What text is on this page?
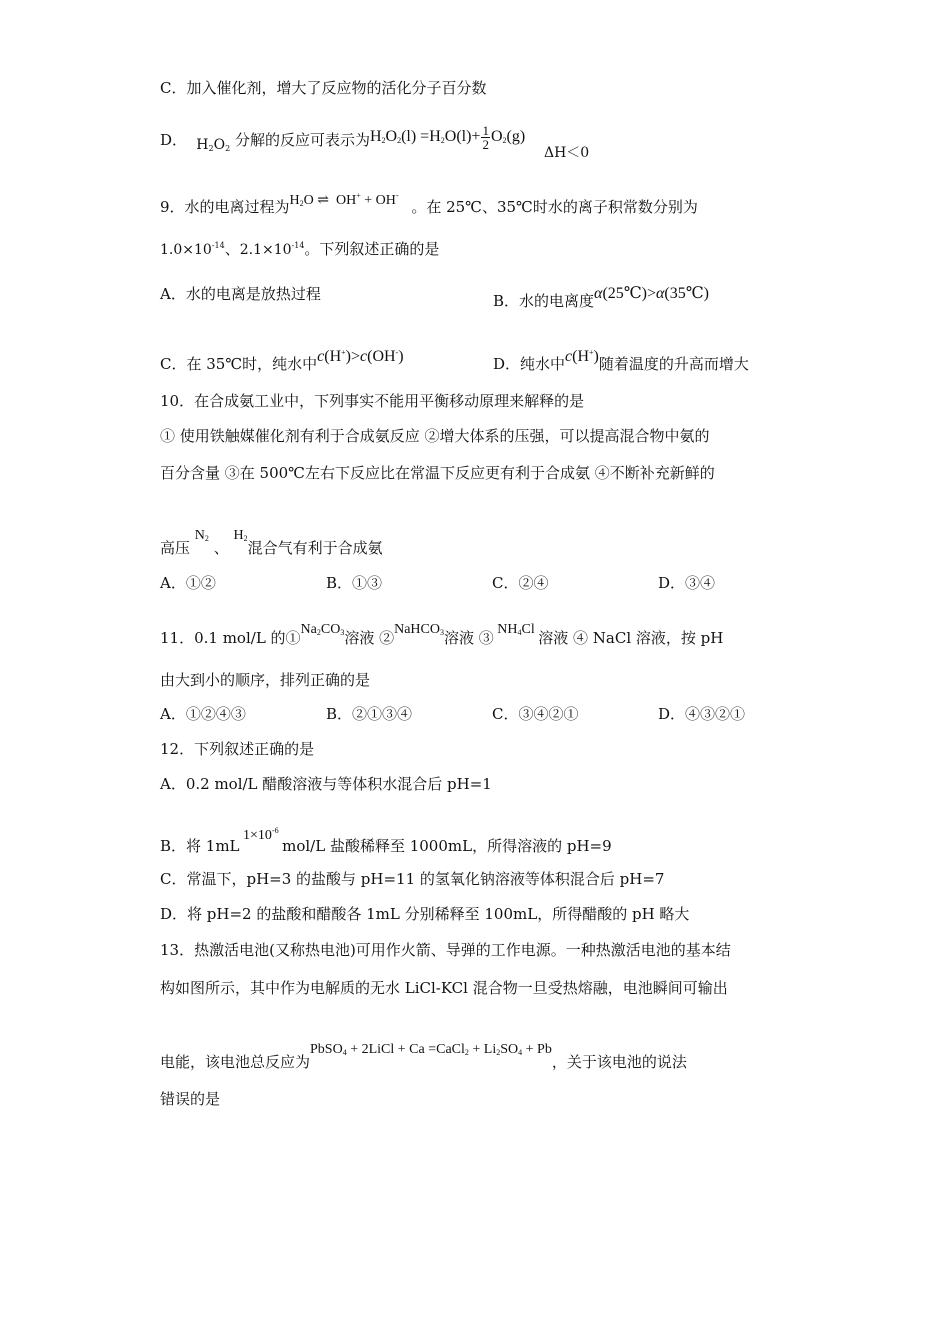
C．加入催化剂，增大了反应物的活化分子百分数
D．  $H_2O_2$ 分解的反应可表示为$H_2O_2(l) =H_2O(l)+ \frac{1}{2} O_2(g)$ ΔH＜0
9．水的电离过程为$H_2O$ ⇌  OH+ + OH- 。在 25℃、35℃时水的离子积常数分别为
$1.0\times 10^{-14}$、$2.1\times 10^{-14}$。下列叙述正确的是
A．水的电离是放热过程	B．水的电离度α(25℃)>α(35℃)
C．在 35℃时，纯水中c(H+)>c(OH-)	D．纯水中c(H+)随着温度的升高而增大
10．在合成氨工业中，下列事实不能用平衡移动原理来解释的是
① 使用铁触媒催化剂有利于合成氨反应 ②增大体系的压强，可以提高混合物中氨的
百分含量 ③在 500℃左右下反应比在常温下反应更有利于合成氨 ④不断补充新鲜的
高压 $N_2$ 、 $H_2$混合气有利于合成氨
A．①②	B．①③	C．②④	D．③④
11．0.1 mol/L 的$①Na_2CO_3$溶液 ②NaHCO$_3$溶液 ③ $NH_4Cl$ 溶液 ④ NaCl 溶液，按 pH
由大到小的顺序，排列正确的是
A．①②④③	B．②①③④	C．③④②①	D．④③②①
12．下列叙述正确的是
A．0.2 mol/L 醋酸溶液与等体积水混合后 pH=1
B．将 1mL $1\times 10^{-6}$ mol/L 盐酸稀释至 1000mL，所得溶液的 pH=9
C．常温下，pH=3 的盐酸与 pH=11 的氢氧化钠溶液等体积混合后 pH=7
D．将 pH=2 的盐酸和醋酸各 1mL 分别稀释至 100mL，所得醋酸的 pH 略大
13．热激活电池(又称热电池)可用作火箭、导弹的工作电源。一种热激活电池的基本结
构如图所示，其中作为电解质的无水 LiCl-KCl 混合物一旦受热熔融，电池瞬间可输出
电能，该电池总反应为PbSO$_4$ + 2LiCl + Ca =CaCl$_2$ + $Li_2SO_4 + Pb$，关于该电池的说法
错误的是
